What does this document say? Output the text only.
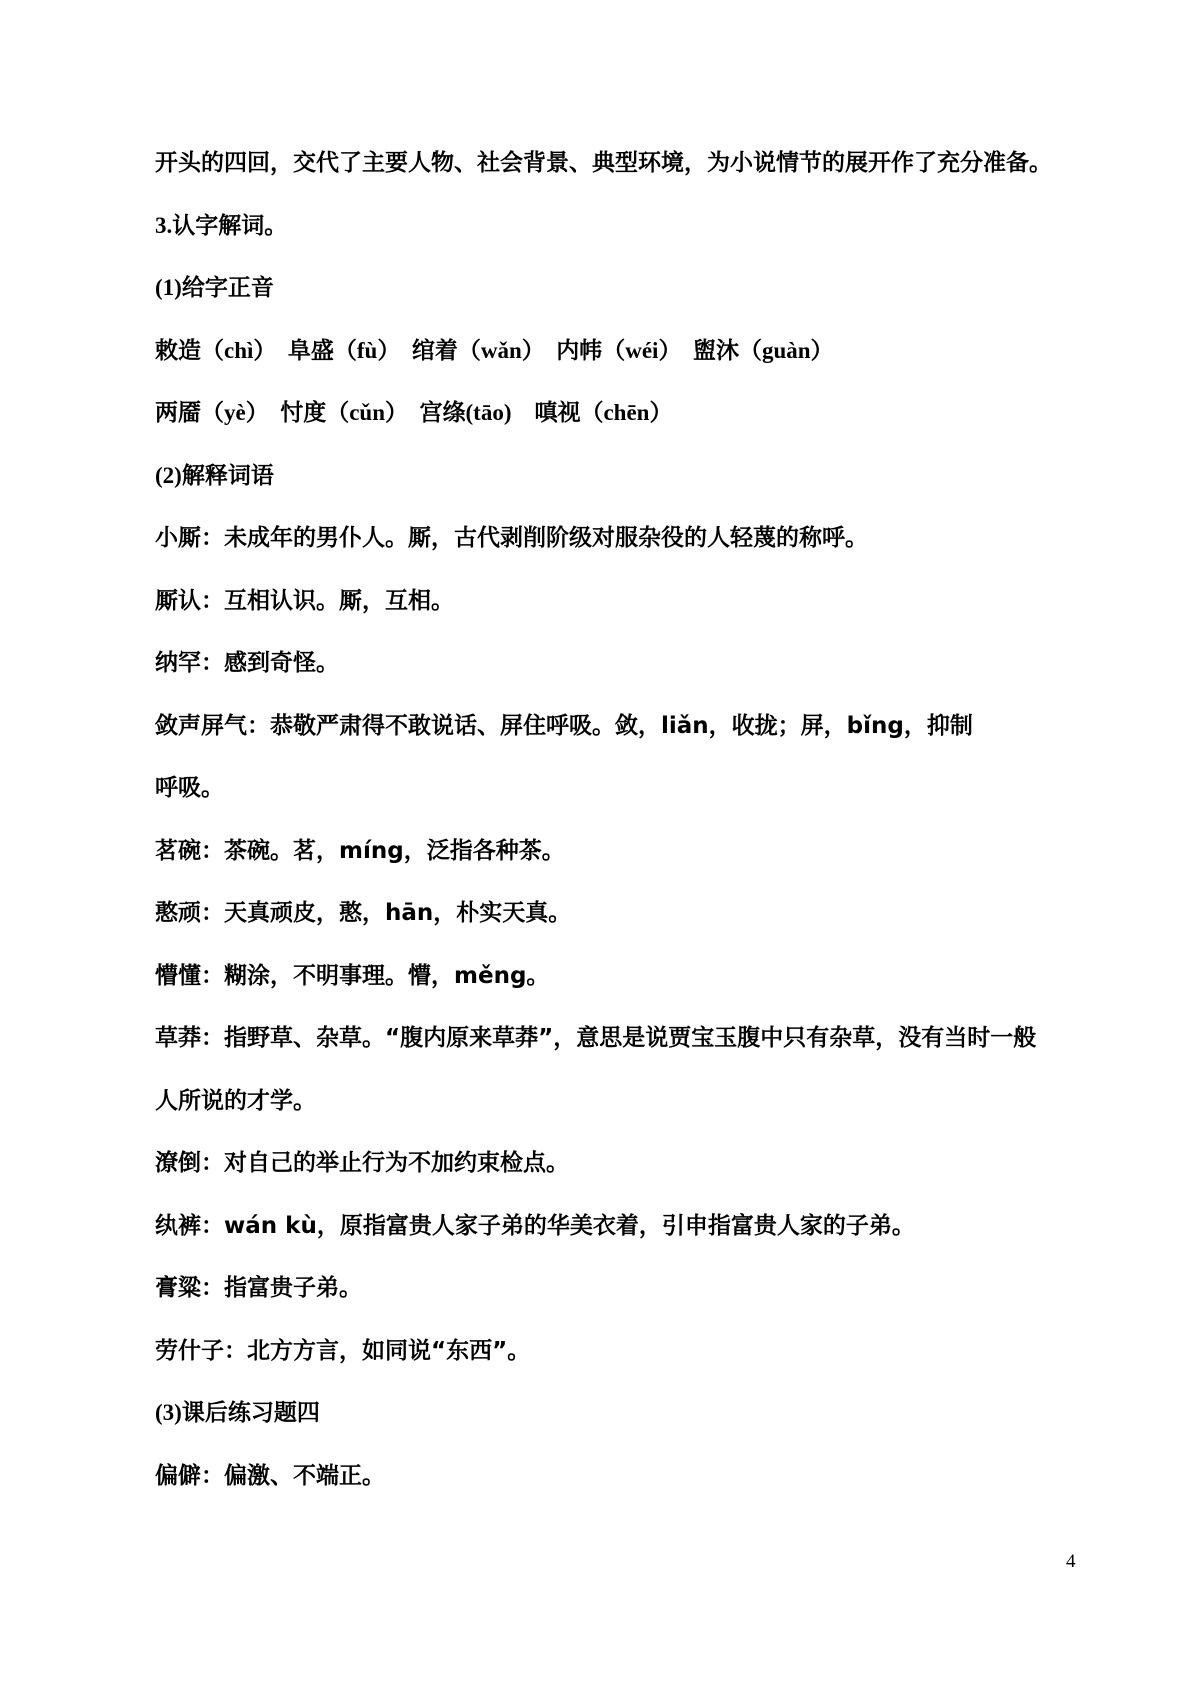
开头的四回，交代了主要人物、社会背景、典型环境，为小说情节的展开作了充分准备。
3.认字解词。
(1)给字正音
敕造（chì）　阜盛（fù）　绾着（wǎn）　内帏（wéi）　盥沐（guàn）
两靥（yè）　忖度（cǔn）　宫绦(tāo)　嗔视（chēn）
(2)解释词语
小厮：未成年的男仆人。厮，古代剥削阶级对服杂役的人轻蔑的称呼。
厮认：互相认识。厮，互相。
纳罕：感到奇怪。
敛声屏气：恭敬严肃得不敢说话、屏住呼吸。敛，liǎn，收拢；屏，bǐng，抑制
呼吸。
茗碗：茶碗。茗，míng，泛指各种茶。
憨顽：天真顽皮，憨，hān，朴实天真。
懵懂：糊涂，不明事理。懵，měng。
草莽：指野草、杂草。“腹内原来草莽”，意思是说贾宝玉腹中只有杂草，没有当时一般
人所说的才学。
潦倒：对自己的举止行为不加约束检点。
纨裤：wán kù，原指富贵人家子弟的华美衣着，引申指富贵人家的子弟。
膏粱：指富贵子弟。
劳什子：北方方言，如同说“东西”。
(3)课后练习题四
偏僻：偏激、不端正。
4
